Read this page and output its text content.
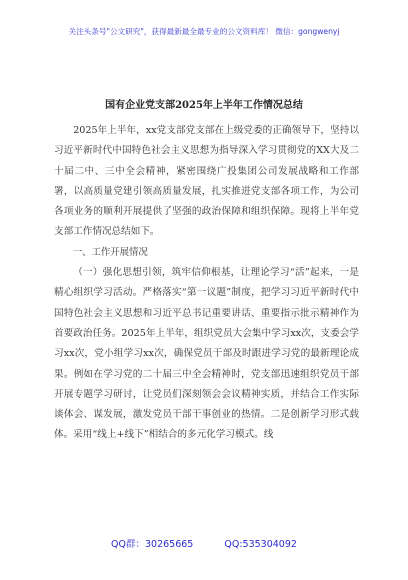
关注头条号"公文研究"，获得最新最全最专业的公文资料库！ 微信：gongwenyj
国有企业党支部2025年上半年工作情况总结

2025年上半年，xx党支部党支部在上级党委的正确领导下，坚持以习近平新时代中国特色社会主义思想为指导深入学习贯彻党的XX大及二十届二中、三中全会精神，紧密围绕广投集团公司发展战略和工作部署，以高质量党建引领高质量发展，扎实推进党支部各项工作，为公司各项业务的顺利开展提供了坚强的政治保障和组织保障。现将上半年党支部工作情况总结如下。

一、工作开展情况

（一）强化思想引领，筑牢信仰根基，让理论学习“活”起来，一是精心组织学习活动。严格落实“第一议题”制度，把学习习近平新时代中国特色社会主义思想和习近平总书记重要讲话、重要指示批示精神作为首要政治任务。2025年上半年，组织党员大会集中学习xx次，支委会学习xx次，党小组学习xx次，确保党员干部及时跟进学习党的最新理论成果。例如在学习党的二十届三中全会精神时，党支部迅速组织党员干部开展专题学习研讨，让党员们深刻领会会议精神实质，并结合工作实际谈体会、谋发展，激发党员干部干事创业的热情。二是创新学习形式载体。采用“线上+线下”相结合的多元化学习模式。线

QQ群：30265665	QQ:535304092
